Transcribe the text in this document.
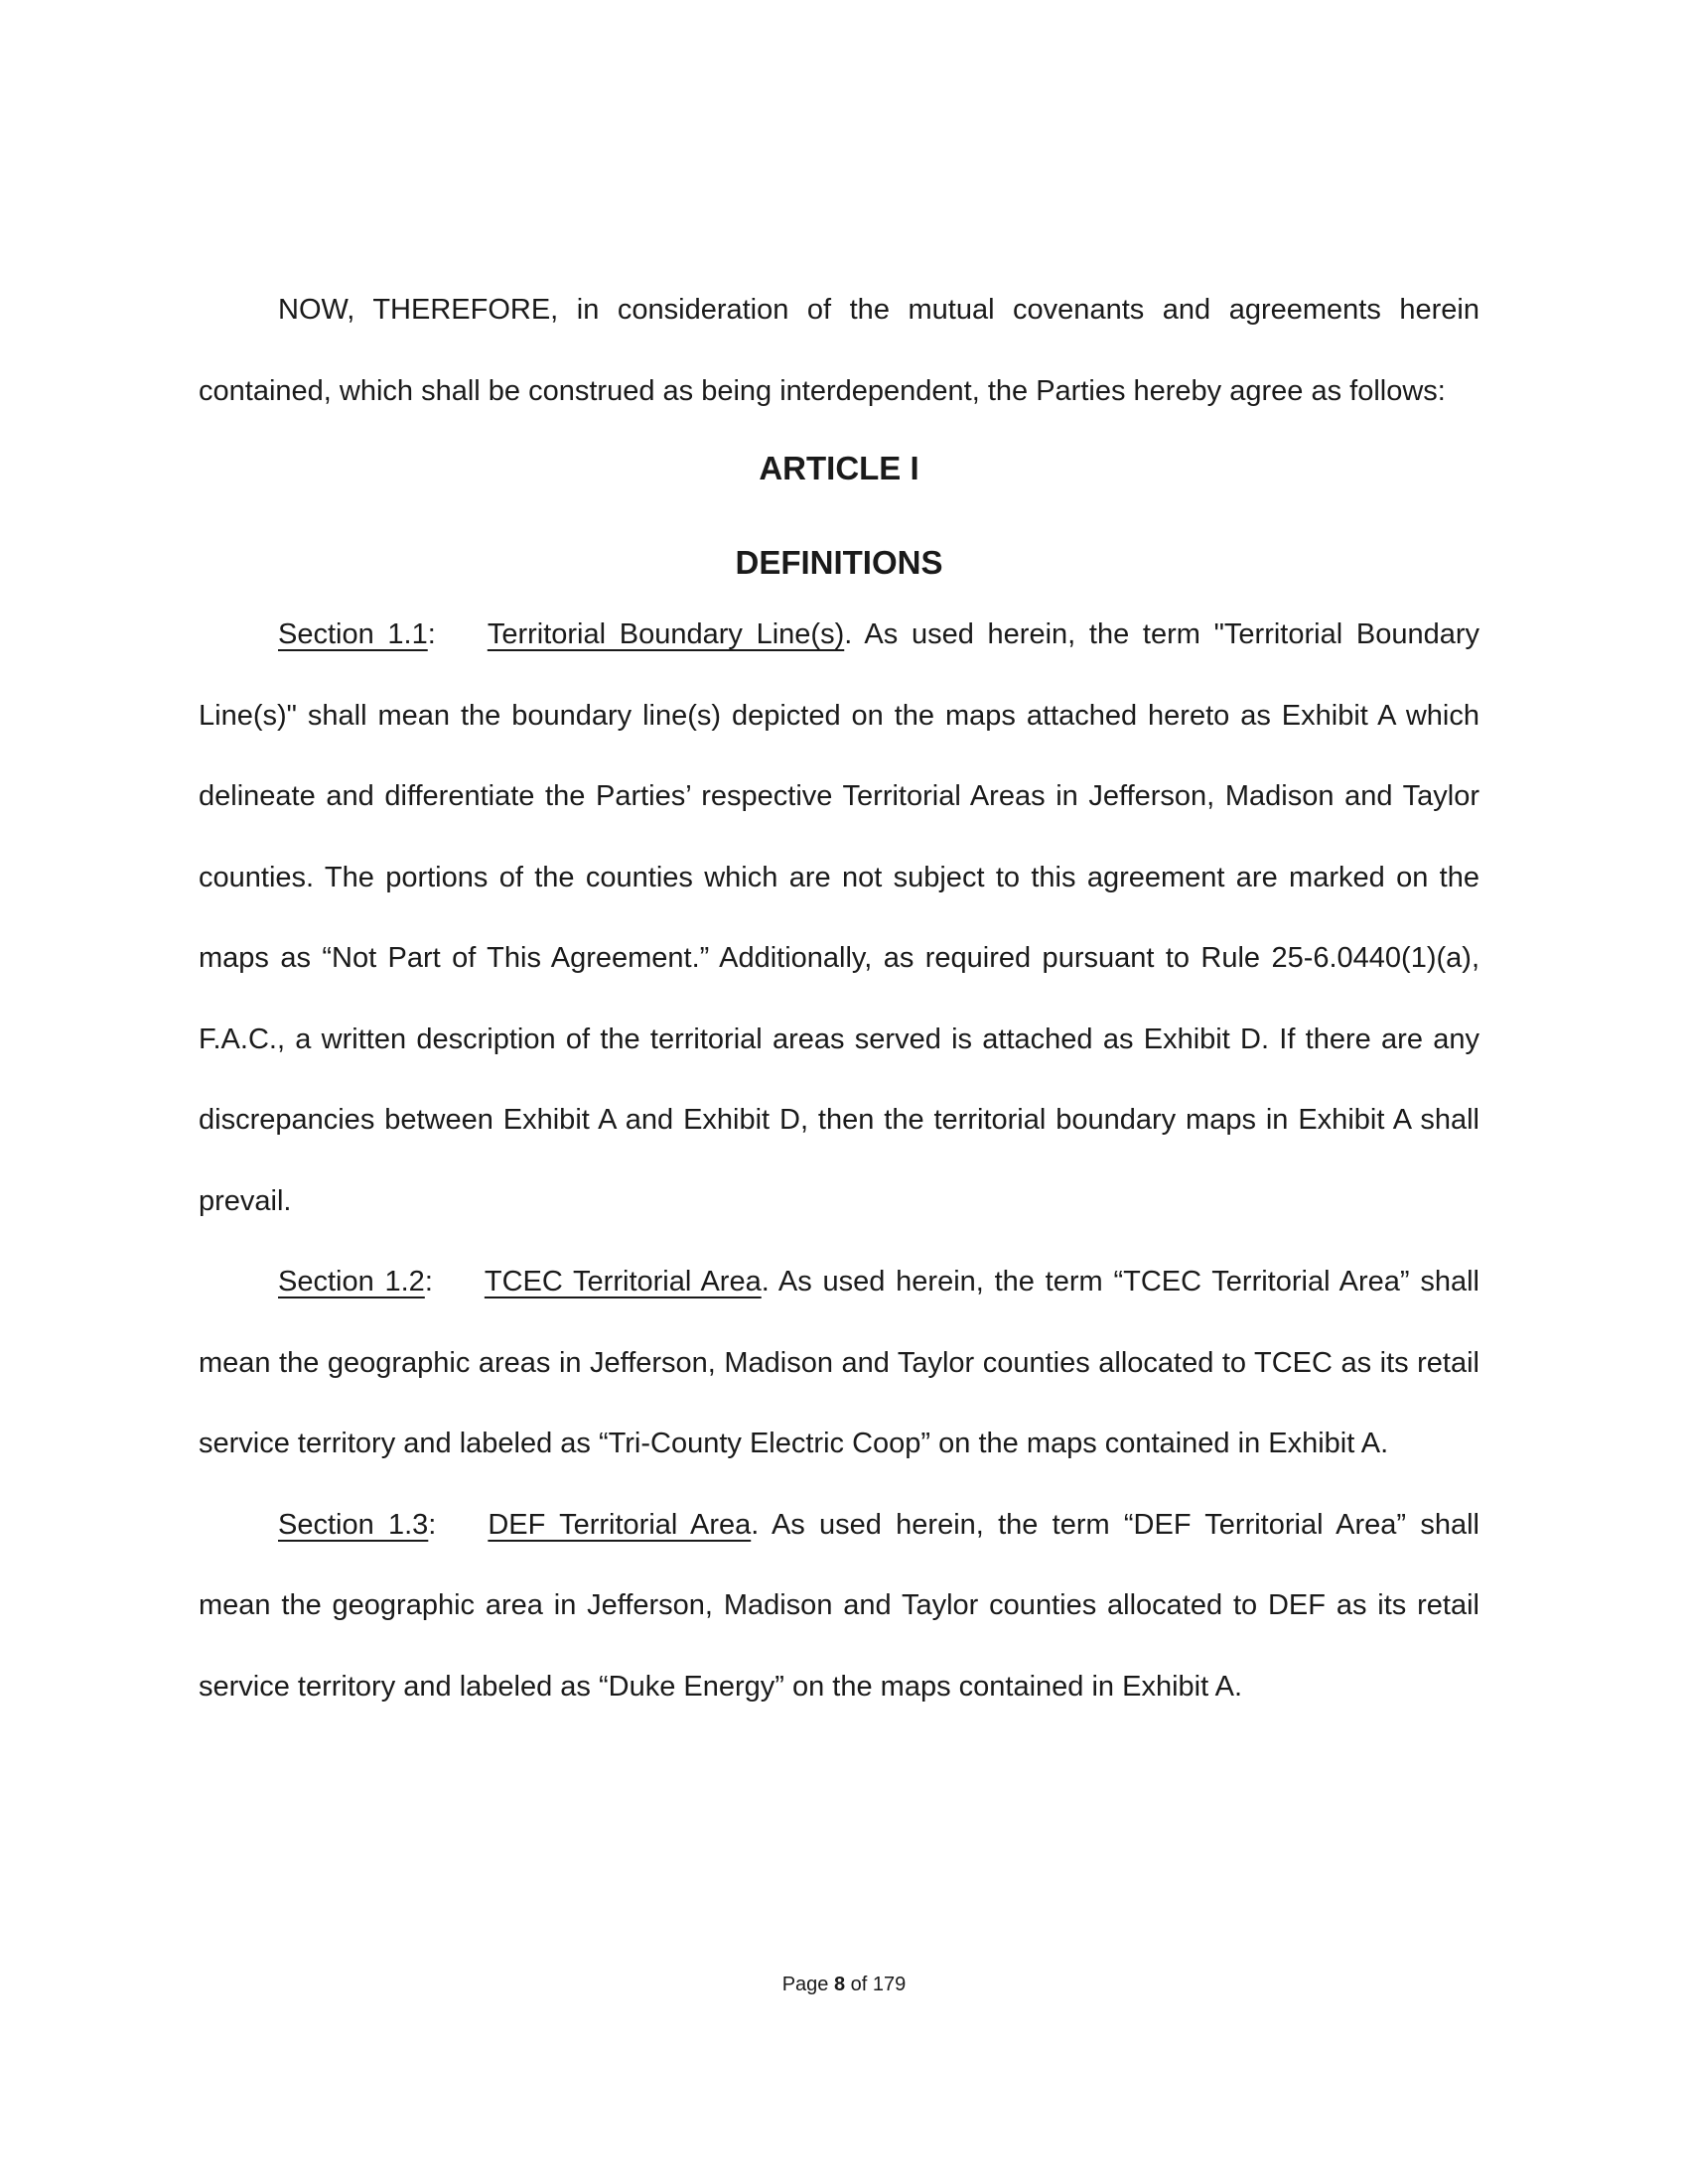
NOW, THEREFORE, in consideration of the mutual covenants and agreements herein contained, which shall be construed as being interdependent, the Parties hereby agree as follows:

ARTICLE I
DEFINITIONS

Section 1.1: Territorial Boundary Line(s). As used herein, the term "Territorial Boundary Line(s)" shall mean the boundary line(s) depicted on the maps attached hereto as Exhibit A which delineate and differentiate the Parties’ respective Territorial Areas in Jefferson, Madison and Taylor counties. The portions of the counties which are not subject to this agreement are marked on the maps as “Not Part of This Agreement.” Additionally, as required pursuant to Rule 25-6.0440(1)(a), F.A.C., a written description of the territorial areas served is attached as Exhibit D. If there are any discrepancies between Exhibit A and Exhibit D, then the territorial boundary maps in Exhibit A shall prevail.

Section 1.2: TCEC Territorial Area. As used herein, the term “TCEC Territorial Area” shall mean the geographic areas in Jefferson, Madison and Taylor counties allocated to TCEC as its retail service territory and labeled as “Tri-County Electric Coop” on the maps contained in Exhibit A.

Section 1.3: DEF Territorial Area. As used herein, the term “DEF Territorial Area” shall mean the geographic area in Jefferson, Madison and Taylor counties allocated to DEF as its retail service territory and labeled as “Duke Energy” on the maps contained in Exhibit A.

Page 8 of 179
